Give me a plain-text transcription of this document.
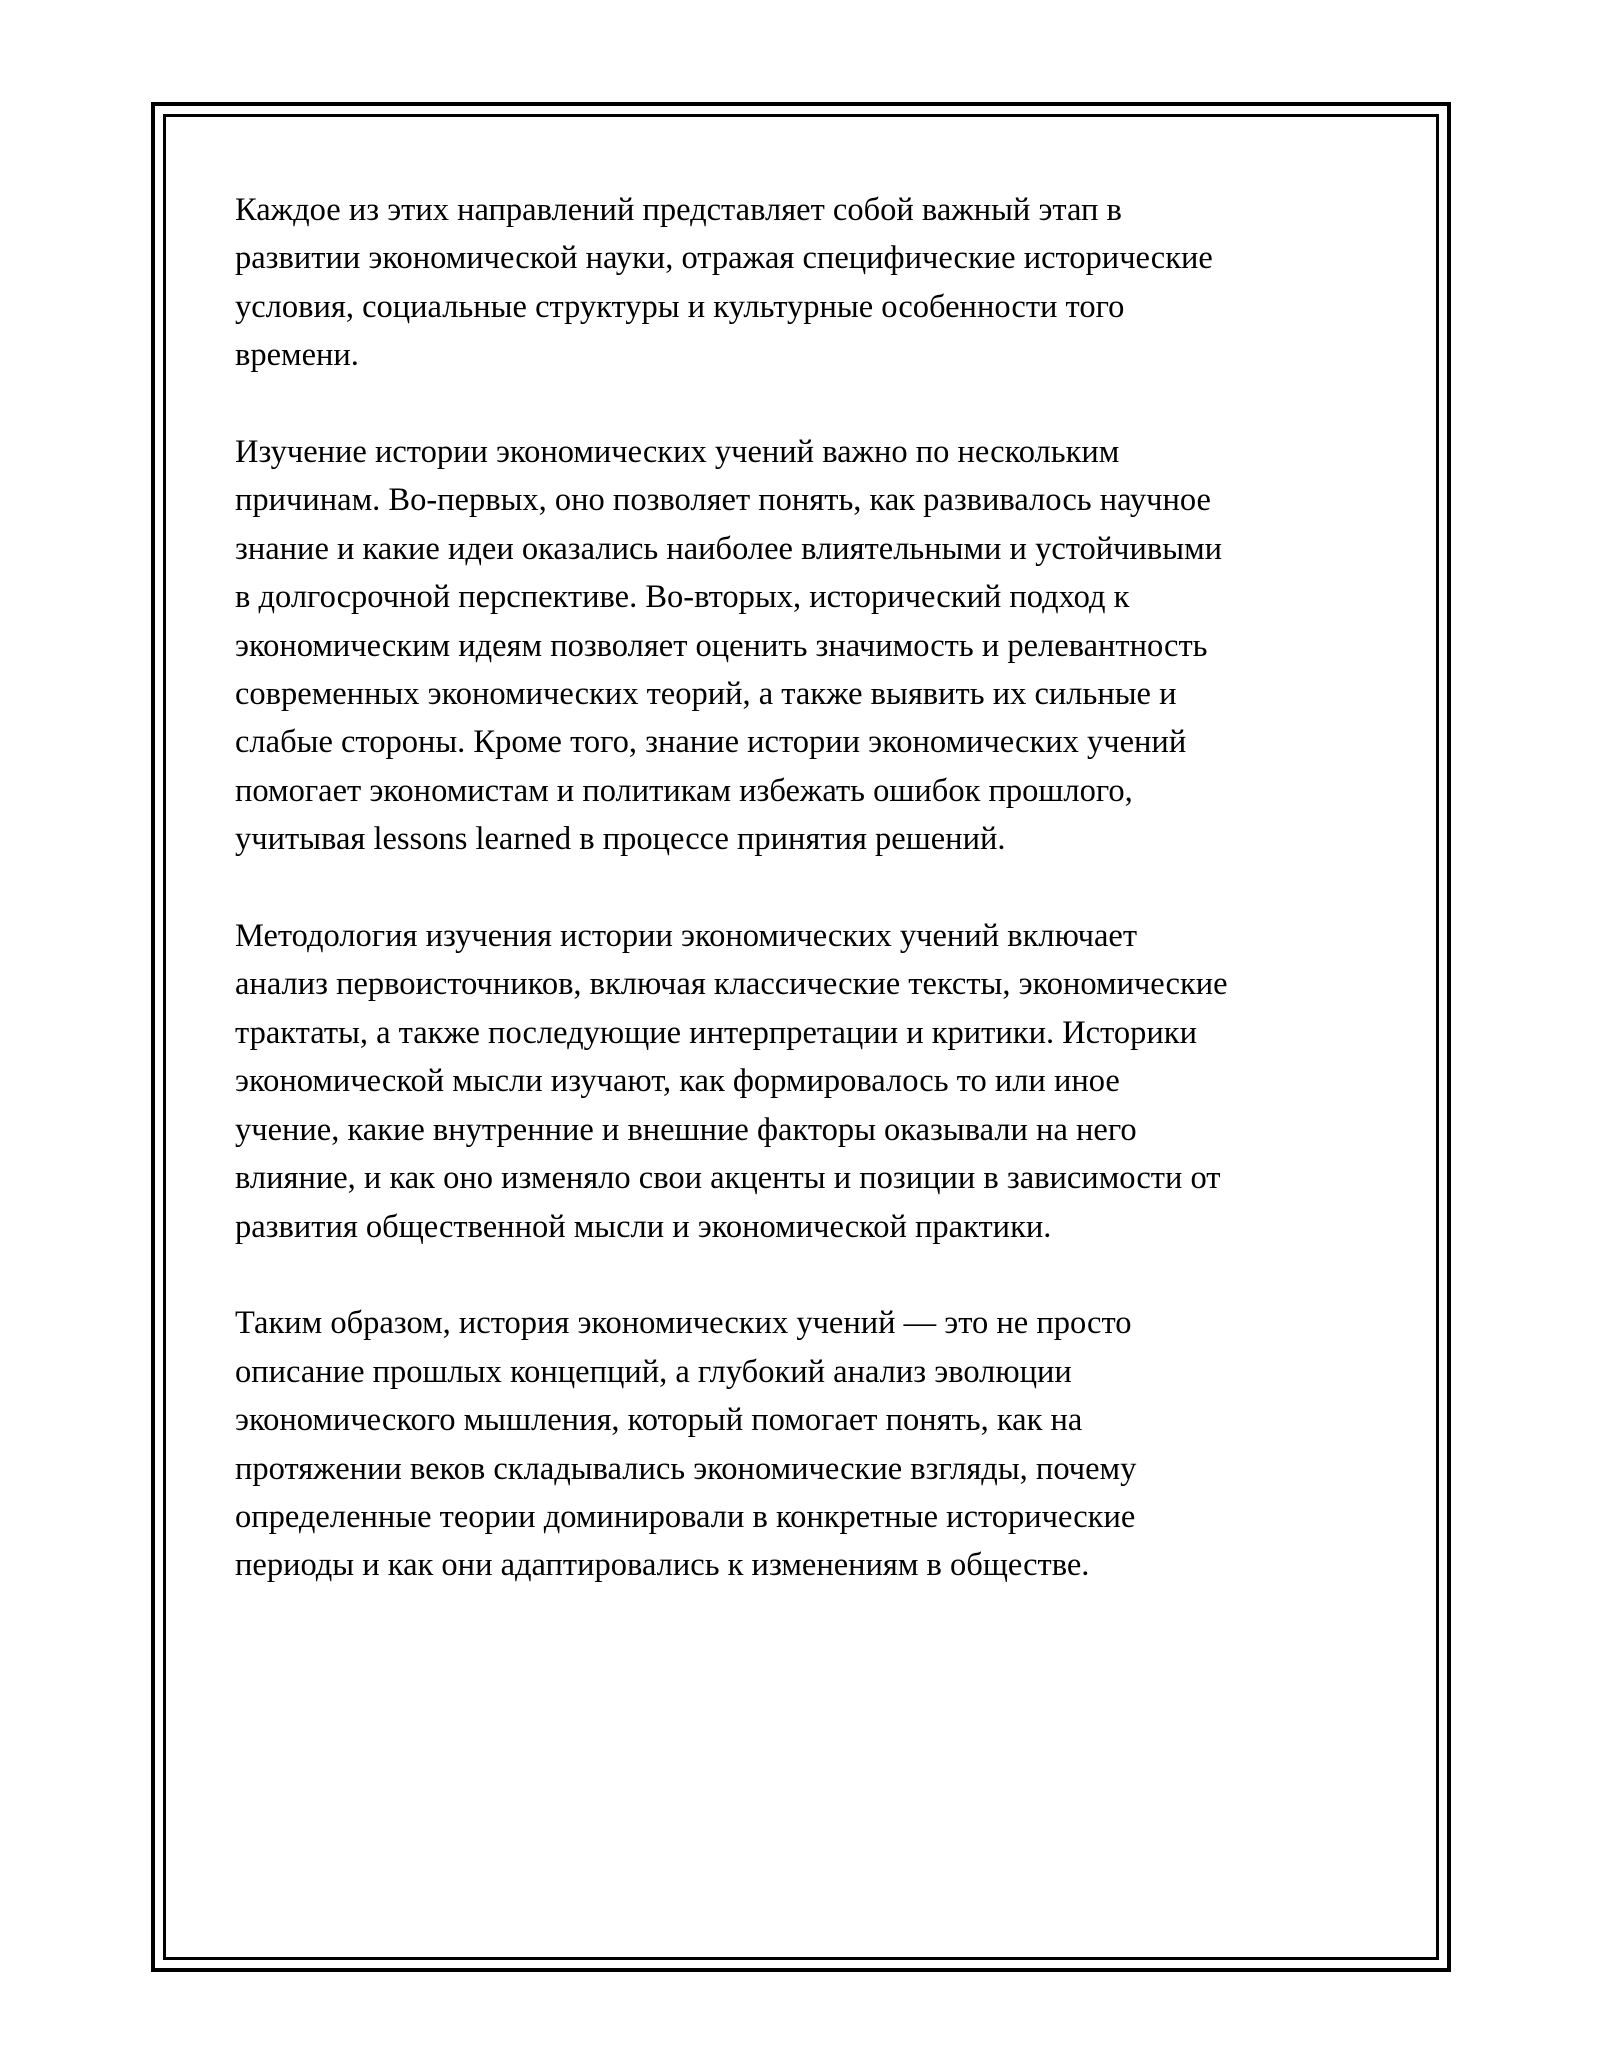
Каждое из этих направлений представляет собой важный этап в
развитии экономической науки, отражая специфические исторические
условия, социальные структуры и культурные особенности того
времени.

Изучение истории экономических учений важно по нескольким
причинам. Во-первых, оно позволяет понять, как развивалось научное
знание и какие идеи оказались наиболее влиятельными и устойчивыми
в долгосрочной перспективе. Во-вторых, исторический подход к
экономическим идеям позволяет оценить значимость и релевантность
современных экономических теорий, а также выявить их сильные и
слабые стороны. Кроме того, знание истории экономических учений
помогает экономистам и политикам избежать ошибок прошлого,
учитывая lessons learned в процессе принятия решений.

Методология изучения истории экономических учений включает
анализ первоисточников, включая классические тексты, экономические
трактаты, а также последующие интерпретации и критики. Историки
экономической мысли изучают, как формировалось то или иное
учение, какие внутренние и внешние факторы оказывали на него
влияние, и как оно изменяло свои акценты и позиции в зависимости от
развития общественной мысли и экономической практики.

Таким образом, история экономических учений — это не просто
описание прошлых концепций, а глубокий анализ эволюции
экономического мышления, который помогает понять, как на
протяжении веков складывались экономические взгляды, почему
определенные теории доминировали в конкретные исторические
периоды и как они адаптировались к изменениям в обществе.
